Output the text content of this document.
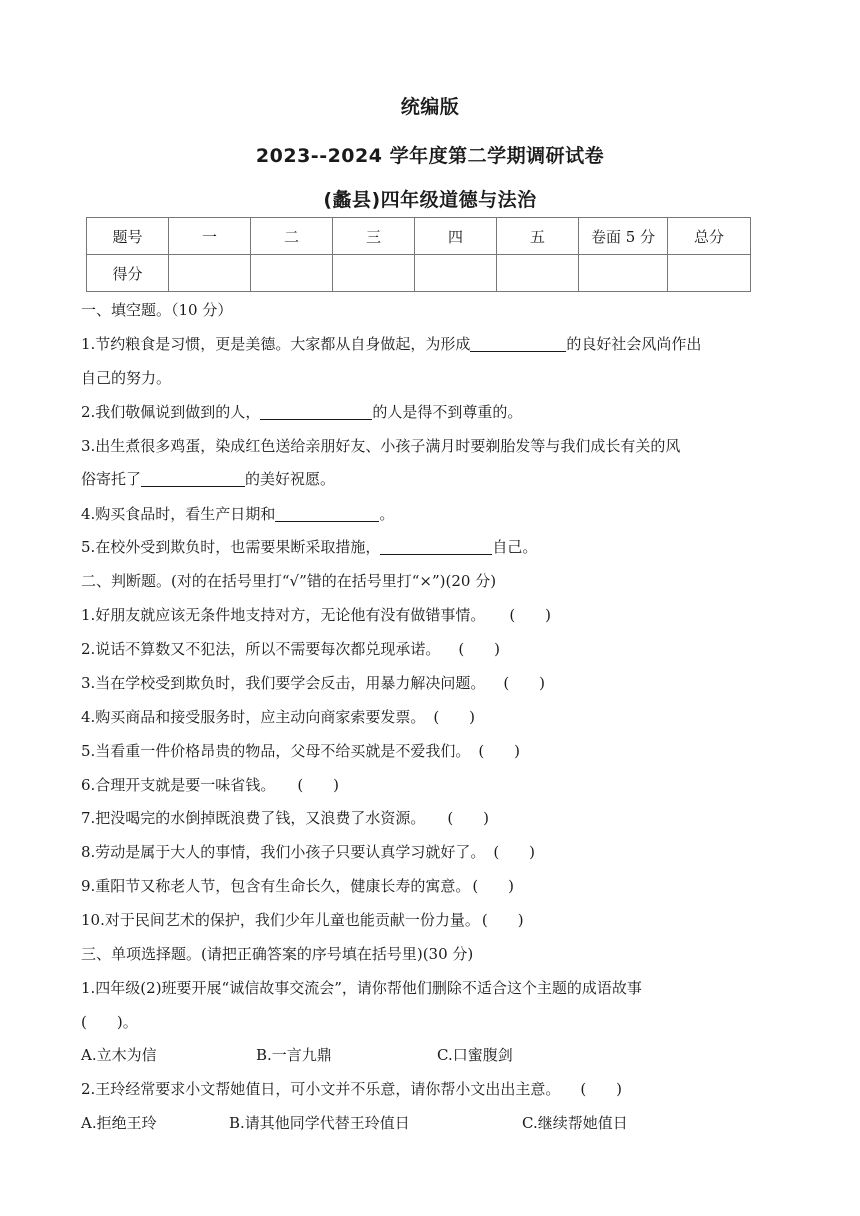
统编版
2023--2024 学年度第二学期调研试卷
(蠡县)四年级道德与法治
题号	一	二	三	四	五	卷面 5 分	总分
得分							
一、填空题。（10 分）
1.节约粮食是习惯，更是美德。大家都从自身做起，为形成	的良好社会风尚作出
自己的努力。
2.我们敬佩说到做到的人，	的人是得不到尊重的。
3.出生煮很多鸡蛋，染成红色送给亲朋好友、小孩子满月时要剃胎发等与我们成长有关的风
俗寄托了	的美好祝愿。
4.购买食品时，看生产日期和	。
5.在校外受到欺负时，也需要果断采取措施，	自己。
二、判断题。(对的在括号里打“√”错的在括号里打“×”)(20 分)
1.好朋友就应该无条件地支持对方，无论他有没有做错事情。 (　　)
2.说话不算数又不犯法，所以不需要每次都兑现承诺。 (　　)
3.当在学校受到欺负时，我们要学会反击，用暴力解决问题。 (　　)
4.购买商品和接受服务时，应主动向商家索要发票。 (　　)
5.当看重一件价格昂贵的物品，父母不给买就是不爱我们。 (　　)
6.合理开支就是要一味省钱。 (　　)
7.把没喝完的水倒掉既浪费了钱，又浪费了水资源。 (　　)
8.劳动是属于大人的事情，我们小孩子只要认真学习就好了。 (　　)
9.重阳节又称老人节，包含有生命长久，健康长寿的寓意。 (　　)
10.对于民间艺术的保护，我们少年儿童也能贡献一份力量。 (　　)
三、单项选择题。(请把正确答案的序号填在括号里)(30 分)
1.四年级(2)班要开展“诚信故事交流会”，请你帮他们删除不适合这个主题的成语故事
(　　)。
A.立木为信	B.一言九鼎	C.口蜜腹剑
2.王玲经常要求小文帮她值日，可小文并不乐意，请你帮小文出出主意。 (　　)
A.拒绝王玲	B.请其他同学代替王玲值日	C.继续帮她值日
